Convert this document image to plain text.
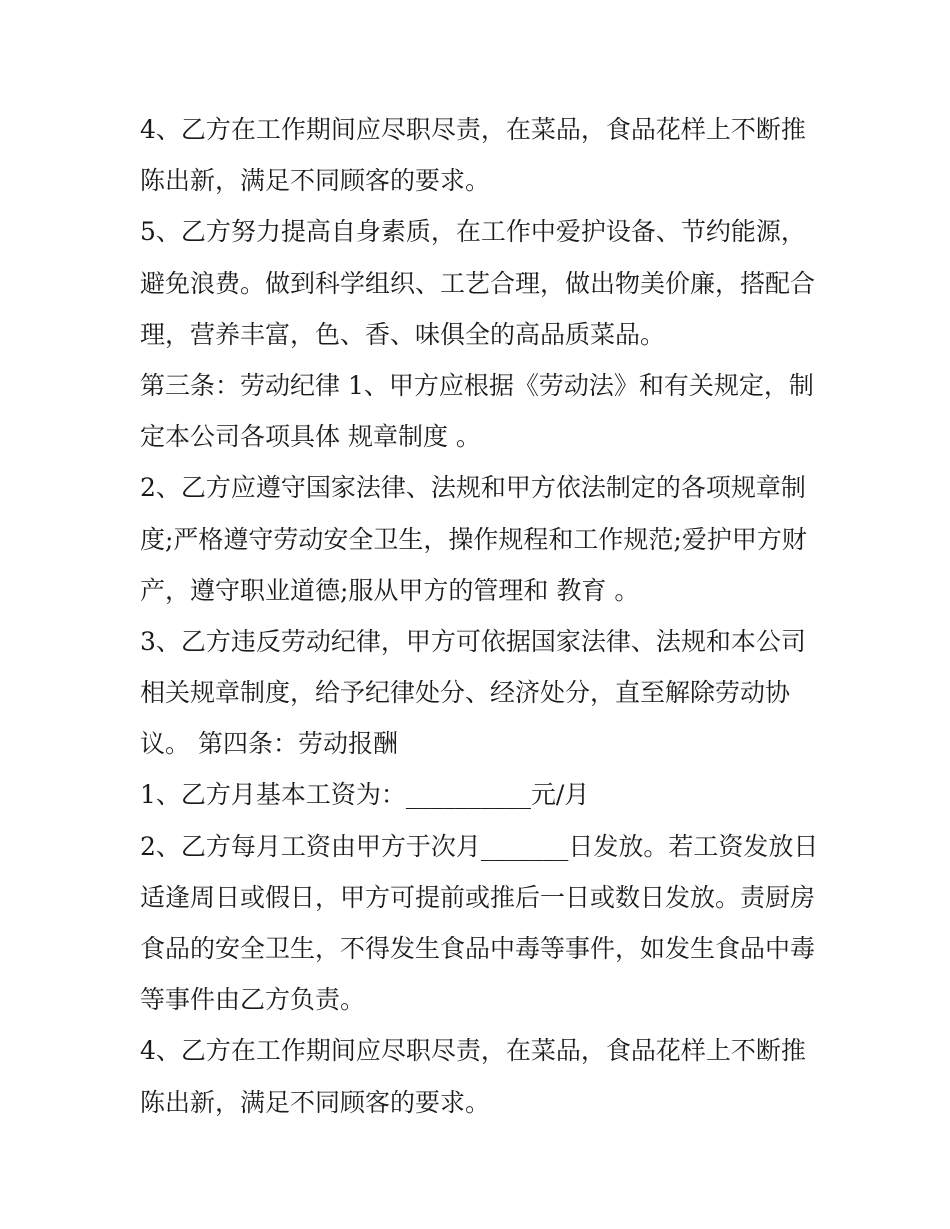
4、乙方在工作期间应尽职尽责，在菜品，食品花样上不断推
陈出新，满足不同顾客的要求。
5、乙方努力提高自身素质，在工作中爱护设备、节约能源，
避免浪费。做到科学组织、工艺合理，做出物美价廉，搭配合
理，营养丰富，色、香、味俱全的高品质菜品。
第三条：劳动纪律 1、甲方应根据《劳动法》和有关规定，制
定本公司各项具体 规章制度 。
2、乙方应遵守国家法律、法规和甲方依法制定的各项规章制
度;严格遵守劳动安全卫生，操作规程和工作规范;爱护甲方财
产，遵守职业道德;服从甲方的管理和 教育 。
3、乙方违反劳动纪律，甲方可依据国家法律、法规和本公司
相关规章制度，给予纪律处分、经济处分，直至解除劳动协
议。 第四条：劳动报酬
1、乙方月基本工资为：__________元/月
2、乙方每月工资由甲方于次月_______日发放。若工资发放日
适逢周日或假日，甲方可提前或推后一日或数日发放。责厨房
食品的安全卫生，不得发生食品中毒等事件，如发生食品中毒
等事件由乙方负责。
4、乙方在工作期间应尽职尽责，在菜品，食品花样上不断推
陈出新，满足不同顾客的要求。
